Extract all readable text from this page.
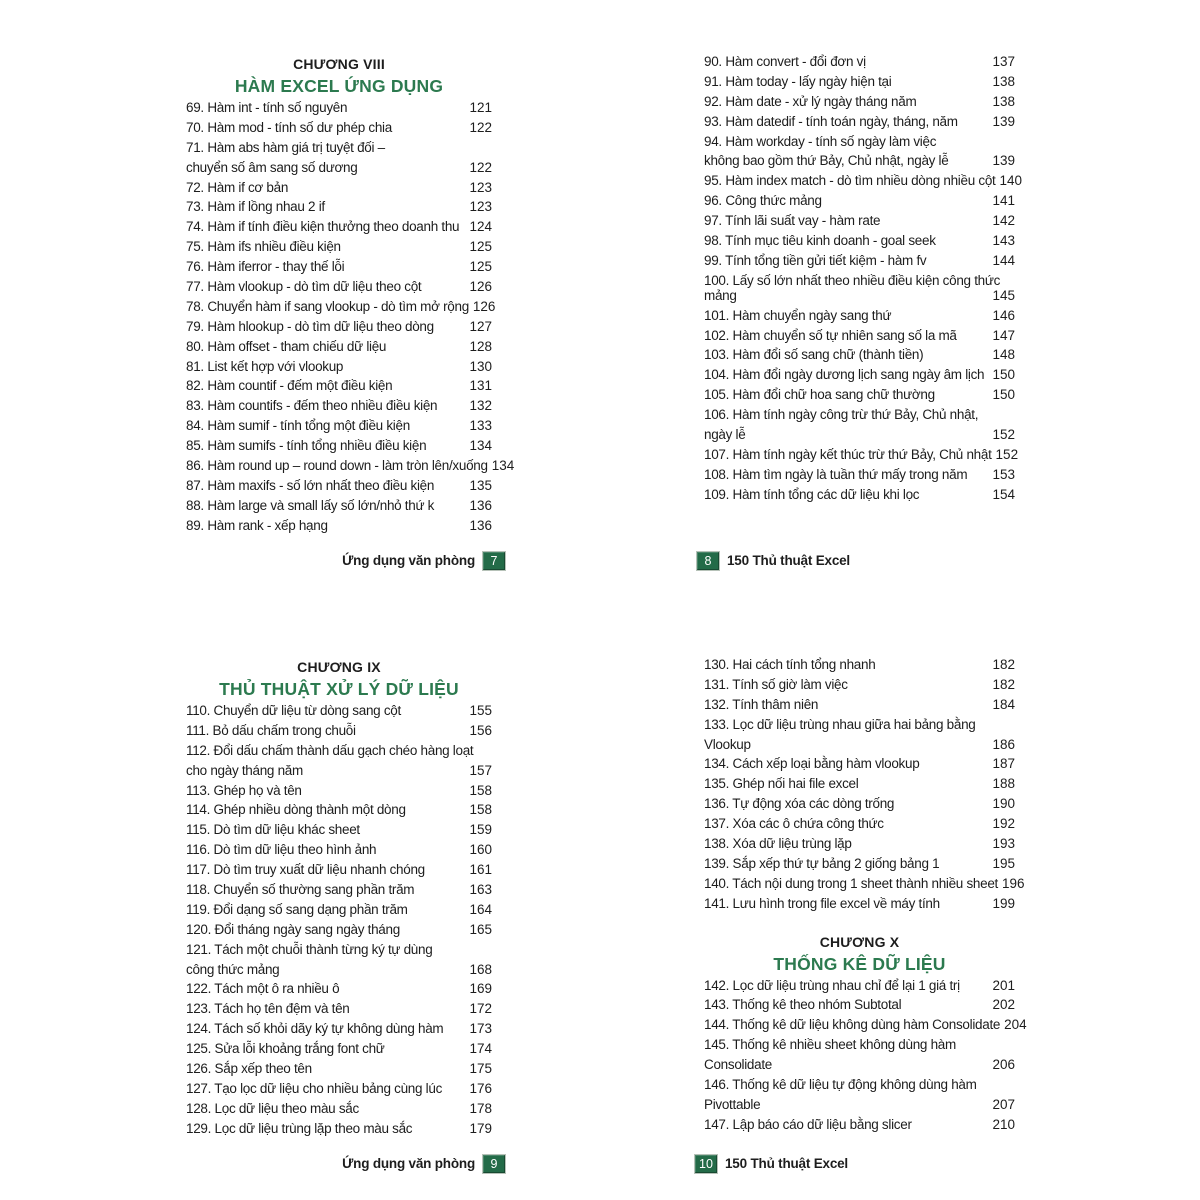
CHƯƠNG VIII
HÀM EXCEL ỨNG DỤNG
69. Hàm int - tính số nguyên	121
70. Hàm mod - tính số dư phép chia	122
71. Hàm abs hàm giá trị tuyệt đối –
chuyển số âm sang số dương	122
72. Hàm if cơ bản	123
73. Hàm if lồng nhau 2 if	123
74. Hàm if tính điều kiện thưởng theo doanh thu 124
75. Hàm ifs nhiều điều kiện	125
76. Hàm iferror - thay thế lỗi	125
77. Hàm vlookup - dò tìm dữ liệu theo cột	126
78. Chuyển hàm if sang vlookup - dò tìm mở rộng 126
79. Hàm hlookup - dò tìm dữ liệu theo dòng	127
80. Hàm offset - tham chiếu dữ liệu	128
81. List kết hợp với vlookup	130
82. Hàm countif - đếm một điều kiện	131
83. Hàm countifs - đếm theo nhiều điều kiện 132
84. Hàm sumif - tính tổng một điều kiện	133
85. Hàm sumifs - tính tổng nhiều điều kiện	134
86. Hàm round up – round down - làm tròn lên/xuống 134
87. Hàm maxifs - số lớn nhất theo điều kiện	135
88. Hàm large và small lấy số lớn/nhỏ thứ k	136
89. Hàm rank - xếp hạng	136
90. Hàm convert - đổi đơn vị	137
91. Hàm today - lấy ngày hiện tại	138
92. Hàm date - xử lý ngày tháng năm	138
93. Hàm datedif - tính toán ngày, tháng, năm	139
94. Hàm workday - tính số ngày làm việc
không bao gồm thứ Bảy, Chủ nhật, ngày lễ	139
95. Hàm index match - dò tìm nhiều dòng nhiều cột 140
96. Công thức mảng	141
97. Tính lãi suất vay - hàm rate	142
98. Tính mục tiêu kinh doanh - goal seek	143
99. Tính tổng tiền gửi tiết kiệm - hàm fv	144
100. Lấy số lớn nhất theo nhiều điều kiện công thức
mảng	145
101. Hàm chuyển ngày sang thứ	146
102. Hàm chuyển số tự nhiên sang số la mã	147
103. Hàm đổi số sang chữ (thành tiền)	148
104. Hàm đổi ngày dương lịch sang ngày âm lịch 150
105. Hàm đổi chữ hoa sang chữ thường	150
106. Hàm tính ngày công trừ thứ Bảy, Chủ nhật,
ngày lễ	152
107. Hàm tính ngày kết thúc trừ thứ Bảy, Chủ nhật 152
108. Hàm tìm ngày là tuần thứ mấy trong năm 153
109. Hàm tính tổng các dữ liệu khi lọc	154
CHƯƠNG IX
THỦ THUẬT XỬ LÝ DỮ LIỆU
110. Chuyển dữ liệu từ dòng sang cột	155
111. Bỏ dấu chấm trong chuỗi	156
112. Đổi dấu chấm thành dấu gạch chéo hàng loạt
cho ngày tháng năm	157
113. Ghép họ và tên	158
114. Ghép nhiều dòng thành một dòng	158
115. Dò tìm dữ liệu khác sheet	159
116. Dò tìm dữ liệu theo hình ảnh	160
117. Dò tìm truy xuất dữ liệu nhanh chóng	161
118. Chuyển số thường sang phần trăm	163
119. Đổi dạng số sang dạng phần trăm	164
120. Đổi tháng ngày sang ngày tháng	165
121. Tách một chuỗi thành từng ký tự dùng
công thức mảng	168
122. Tách một ô ra nhiều ô	169
123. Tách họ tên đệm và tên	172
124. Tách số khỏi dãy ký tự không dùng hàm 173
125. Sửa lỗi khoảng trắng font chữ	174
126. Sắp xếp theo tên	175
127. Tạo lọc dữ liệu cho nhiều bảng cùng lúc 176
128. Lọc dữ liệu theo màu sắc	178
129. Lọc dữ liệu trùng lặp theo màu sắc	179
130. Hai cách tính tổng nhanh	182
131. Tính số giờ làm việc	182
132. Tính thâm niên	184
133. Lọc dữ liệu trùng nhau giữa hai bảng bằng
Vlookup	186
134. Cách xếp loại bằng hàm vlookup	187
135. Ghép nối hai file excel	188
136. Tự động xóa các dòng trống	190
137. Xóa các ô chứa công thức	192
138. Xóa dữ liệu trùng lặp	193
139. Sắp xếp thứ tự bảng 2 giống bảng 1	195
140. Tách nội dung trong 1 sheet thành nhiều sheet 196
141. Lưu hình trong file excel về máy tính	199
CHƯƠNG X
THỐNG KÊ DỮ LIỆU
142. Lọc dữ liệu trùng nhau chỉ để lại 1 giá trị 201
143. Thống kê theo nhóm Subtotal	202
144. Thống kê dữ liệu không dùng hàm Consolidate 204
145. Thống kê nhiều sheet không dùng hàm
Consolidate	206
146. Thống kê dữ liệu tự động không dùng hàm
Pivottable	207
147. Lập báo cáo dữ liệu bằng slicer	210
Ứng dụng văn phòng	7	8	150 Thủ thuật Excel
Ứng dụng văn phòng	9	10 150 Thủ thuật Excel
